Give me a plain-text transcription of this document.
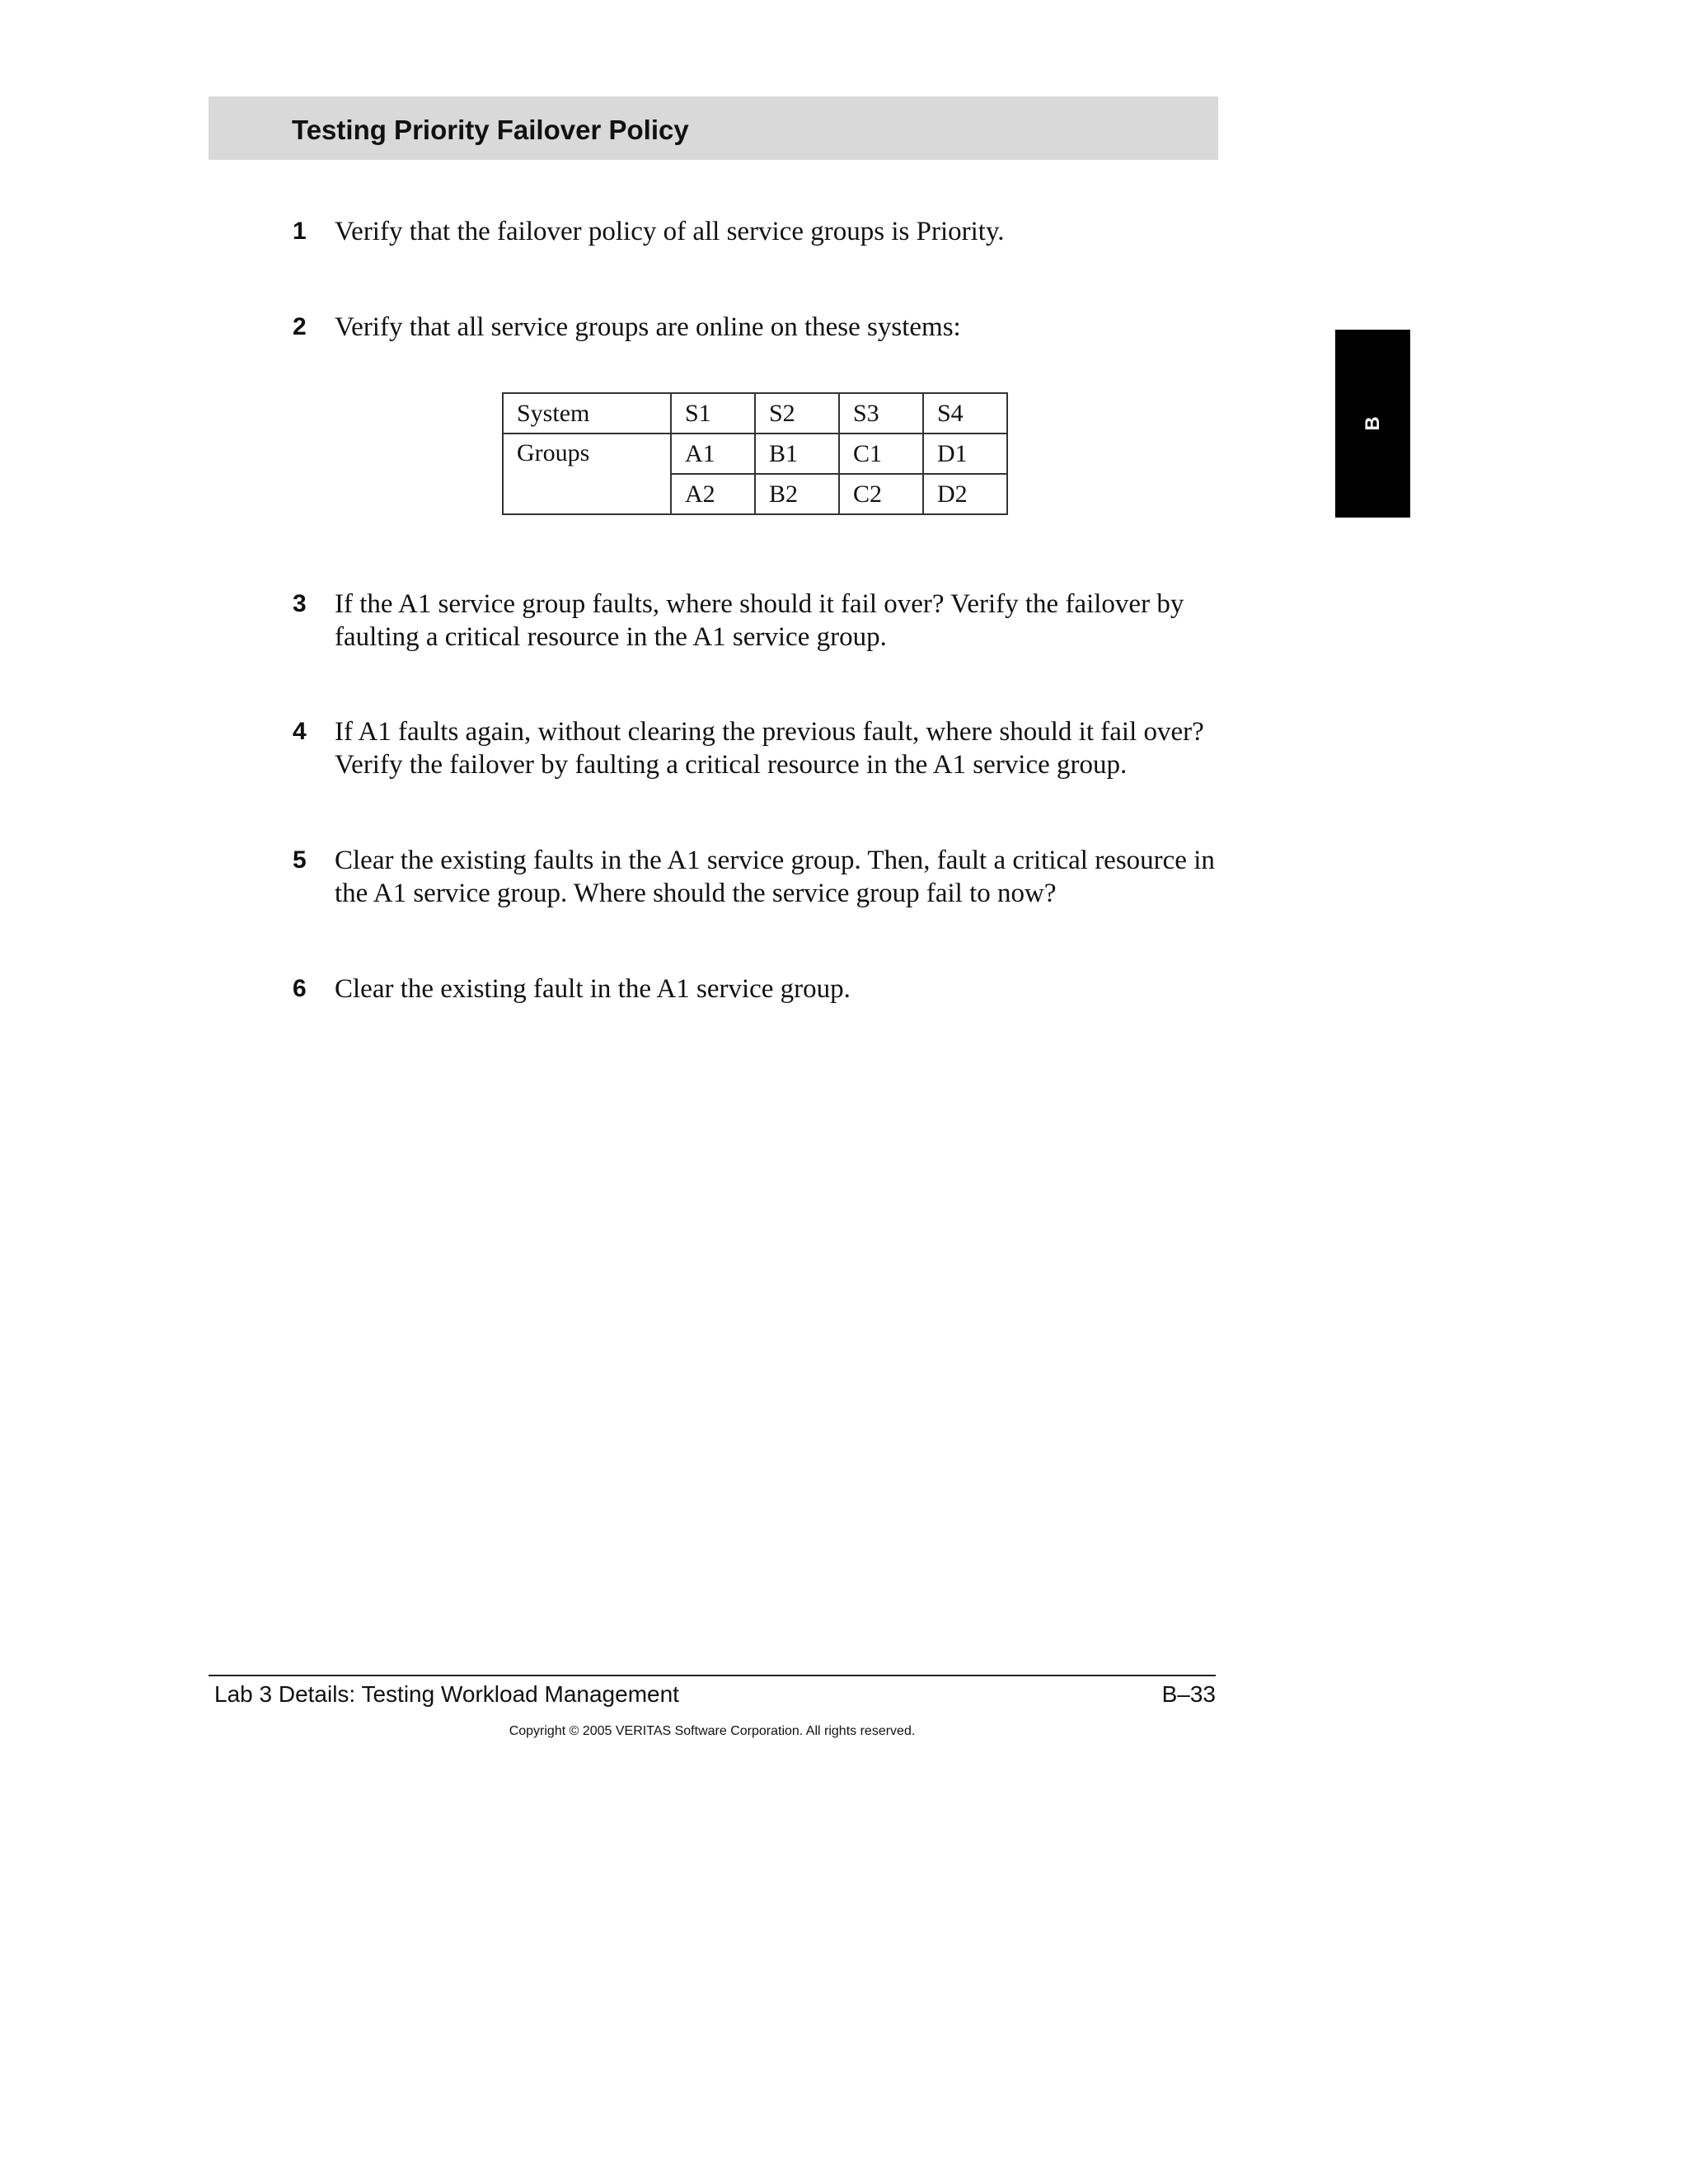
Testing Priority Failover Policy
B
1 Verify that the failover policy of all service groups is Priority.
2 Verify that all service groups are online on these systems:
System	S1	S2	S3	S4
Groups	A1	B1	C1	D1
	A2	B2	C2	D2
3 If the A1 service group faults, where should it fail over? Verify the failover by faulting a critical resource in the A1 service group.
4 If A1 faults again, without clearing the previous fault, where should it fail over? Verify the failover by faulting a critical resource in the A1 service group.
5 Clear the existing faults in the A1 service group. Then, fault a critical resource in the A1 service group. Where should the service group fail to now?
6 Clear the existing fault in the A1 service group.
Lab 3 Details: Testing Workload Management	B–33
Copyright © 2005 VERITAS Software Corporation. All rights reserved.
